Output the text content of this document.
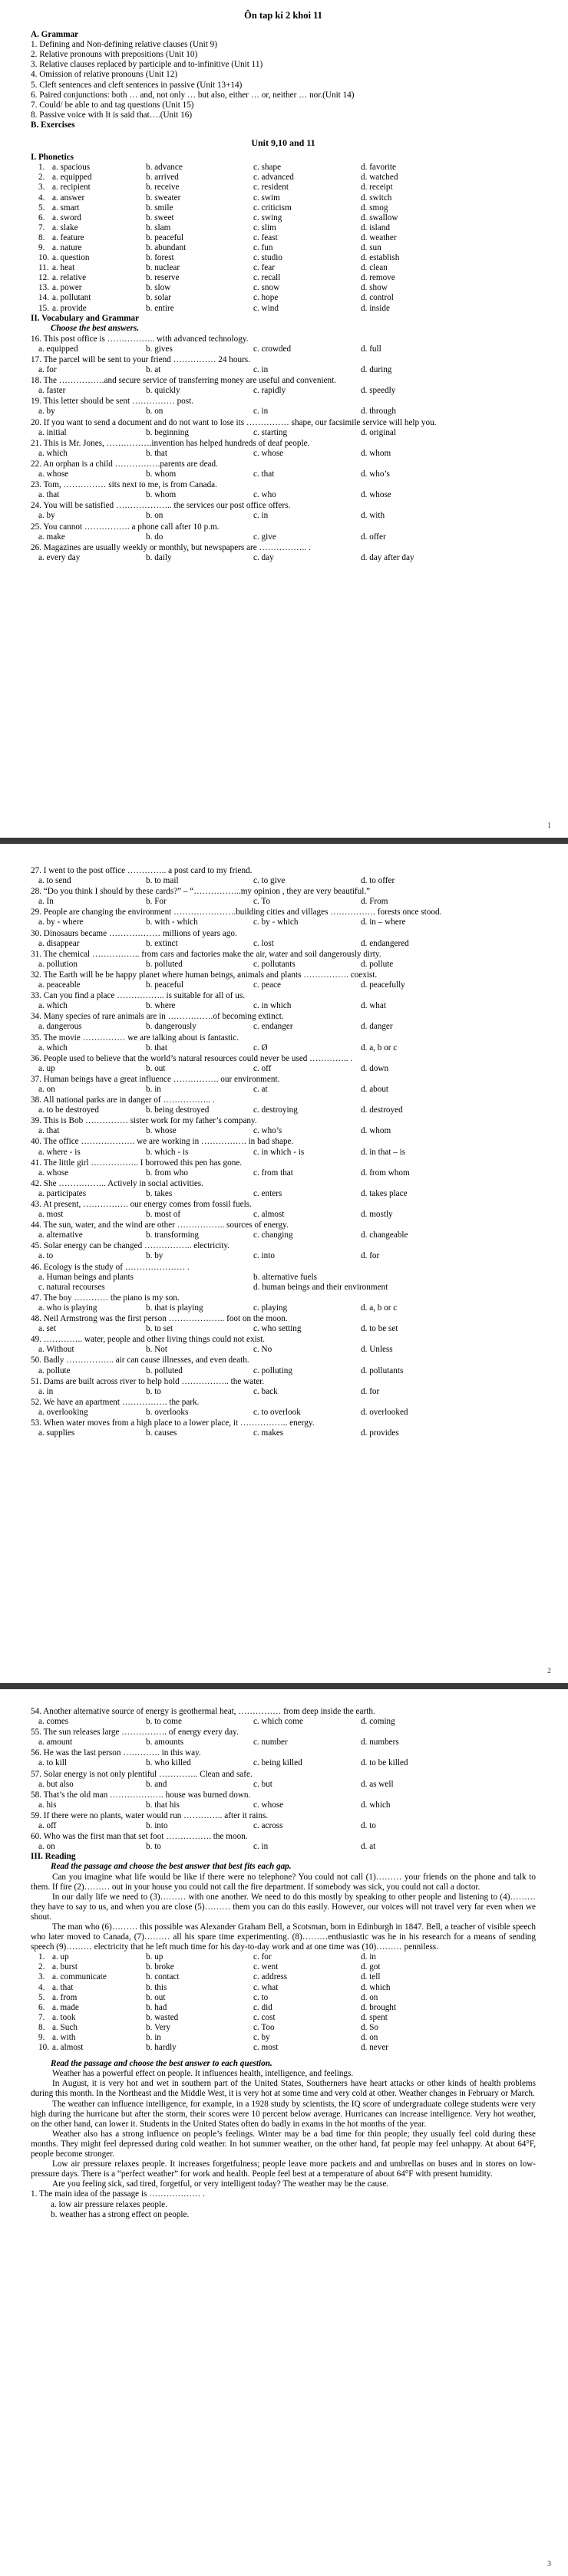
Ôn tap ki 2 khoi 11
A. Grammar
1. Defining and Non-defining relative clauses (Unit 9)
2. Relative pronouns with prepositions (Unit 10)
3. Relative clauses replaced by participle and to-infinitive (Unit 11)
4. Omission of relative pronouns (Unit 12)
5. Cleft sentences and cleft sentences in passive (Unit 13+14)
6. Paired conjunctions: both … and, not only … but also, either … or, neither … nor.(Unit 14)
7. Could/ be able to and tag questions (Unit 15)
8. Passive voice with It is said that….(Unit 16)
B. Exercises
Unit 9,10 and 11
I. Phonetics
1. a. spacious	b. advance	c. shape	d. favorite
2. a. equipped	b. arrived	c. advanced	d. watched
3. a. recipient	b. receive	c. resident	d. receipt
4. a. answer	b. sweater	c. swim	d. switch
5. a. smart	b. smile	c. criticism	d. smog
6. a. sword	b. sweet	c. swing	d. swallow
7. a. slake	b. slam	c. slim	d. island
8. a. feature	b. peaceful	c. feast	d. weather
9. a. nature	b. abundant	c. fun	d. sun
10. a. question	b. forest	c. studio	d. establish
11. a. heat	b. nuclear	c. fear	d. clean
12. a. relative	b. reserve	c. recall	d. remove
13. a. power	b. slow	c. snow	d. show
14. a. pollutant	b. solar	c. hope	d. control
15. a. provide	b. entire	c. wind	d. inside
II. Vocabulary and Grammar
Choose the best answers.
16. This post office is …………….. with advanced technology.
a. equipped	b. gives	c. crowded	d. full
17. The parcel will be sent to your friend …………… 24 hours.
a. for	b. at	c. in	d. during
18. The …………….and secure service of transferring money are useful and convenient.
a. faster	b. quickly	c. rapidly	d. speedly
19. This letter should be sent …………… post.
a. by	b. on	c. in	d. through
20. If you want to send a document and do not want to lose its …………… shape, our facsimile service will help you.
a. initial	b. beginning	c. starting	d. original
21. This is Mr. Jones, …………….invention has helped hundreds of deaf people.
a. which	b. that	c. whose	d. whom
22. An orphan is a child …………….parents are dead.
a. whose	b. whom	c. that	d. who’s
23. Tom, …………… sits next to me, is from Canada.
a. that	b. whom	c. who	d. whose
24. You will be satisfied ……………….. the services our post office offers.
a. by	b. on	c. in	d. with
25. You cannot ……………. a phone call after 10 p.m.
a. make	b. do	c. give	d. offer
26. Magazines are usually weekly or monthly, but newspapers are …………….. .
a. every day	b. daily	c. day	d. day after day
1
27. I went to the post office ………….. a post card to my friend.
a. to send	b. to mail	c. to give	d. to offer
28. “Do you think I should by these cards?” – “……………..my opinion , they are very beautiful.”
a. In	b. For	c. To	d. From
29. People are changing the environment ………………….building cities and villages ……………. forests once stood.
a. by - where	b. with - which	c. by - which	d. in – where
30. Dinosaurs became ……………… millions of years ago.
a. disappear	b. extinct	c. lost	d. endangered
31. The chemical …………….. from cars and factories make the air, water and soil dangerously dirty.
a. pollution	b. polluted	c. pollutants	d. pollute
32. The Earth will be be happy planet where human beings, animals and plants ……………. coexist.
a. peaceable	b. peaceful	c. peace	d. peacefully
33. Can you find a place …………….. is suitable for all of us.
a. which	b. where	c. in which	d. what
34. Many species of rare animals are in …………….of becoming extinct.
a. dangerous	b. dangerously	c. endanger	d. danger
35. The movie …………… we are talking about is fantastic.
a. which	b. that	c. Ø	d. a, b or c
36. People used to believe that the world’s natural resources could never be used ………….. .
a. up	b. out	c. off	d. down
37. Human beings have a great influence ……………. our environment.
a. on	b. in	c. at	d. about
38. All national parks are in danger of …………….. .
a. to be destroyed	b. being destroyed	c. destroying	d. destroyed
39. This is Bob …………… sister work for my father’s company.
a. that	b. whose	c. who’s	d. whom
40. The office ………………. we are working in ……………. in bad shape.
a. where - is	b. which - is	c. in which - is	d. in that – is
41. The little girl …………….. I borrowed this pen has gone.
a. whose	b. from who	c. from that	d. from whom
42. She …………….. Actively in social activities.
a. participates	b. takes	c. enters	d. takes place
43. At present, ……………. our energy comes from fossil fuels.
a. most	b. most of	c. almost	d. mostly
44. The sun, water, and the wind are other …………….. sources of energy.
a. alternative	b. transforming	c. changing	d. changeable
45. Solar energy can be changed …………….. electricity.
a. to	b. by	c. into	d. for
46. Ecology is the study of ………………… .
a. Human beings and plants	b. alternative fuels
c. natural recourses	d. human beings and their environment
47. The boy ………… the piano is my son.
a. who is playing	b. that is playing	c. playing	d. a, b or c
48. Neil Armstrong was the first person ……………….. foot on the moon.
a. set	b. to set	c. who setting	d. to be set
49. ………….. water, people and other living things could not exist.
a. Without	b. Not	c. No	d. Unless
50. Badly …………….. air can cause illnesses, and even death.
a. pollute	b. polluted	c. polluting	d. pollutants
51. Dams are built across river to help hold …………….. the water.
a. in	b. to	c. back	d. for
52. We have an apartment ……………. the park.
a. overlooking	b. overlooks	c. to overlook	d. overlooked
53. When water moves from a high place to a lower place, it …………….. energy.
a. supplies	b. causes	c. makes	d. provides
2
54. Another alternative source of energy is geothermal heat, …………… from deep inside the earth.
a. comes	b. to come	c. which come	d. coming
55. The sun releases large ……………. of energy every day.
a. amount	b. amounts	c. number	d. numbers
56. He was the last person …………. in this way.
a. to kill	b. who killed	c. being killed	d. to be killed
57. Solar energy is not only plentiful ………….. Clean and safe.
a. but also	b. and	c. but	d. as well
58. That’s the old man ………………. house was burned down.
a. his	b. that his	c. whose	d. which
59. If there were no plants, water would run ………….. after it rains.
a. off	b. into	c. across	d. to
60. Who was the first man that set foot ……………. the moon.
a. on	b. to	c. in	d. at
III. Reading
Read the passage and choose the best answer that best fits each gap.

Can you imagine what life would be like if there were no telephone? You could not call (1)……… your friends on the phone and talk to them. If fire (2)……… out in your house you could not call the fire department. If somebody was sick, you could not call a doctor.

In our daily life we need to (3)……… with one another. We need to do this mostly by speaking to other people and listening to (4)……… they have to say to us, and when you are close (5)……… them you can do this easily. However, our voices will not travel very far even when we shout.

The man who (6)……… this possible was Alexander Graham Bell, a Scotsman, born in Edinburgh in 1847. Bell, a teacher of visible speech who later moved to Canada, (7)……… all his spare time experimenting. (8)………enthusiastic was he in his research for a means of sending speech (9)……… electricity that he left much time for his day-to-day work and at one time was (10)……… penniless.

1. a. up	b. up	c. for	d. in
2. a. burst	b. broke	c. went	d. got
3. a. communicate	b. contact	c. address	d. tell
4. a. that	b. this	c. what	d. which
5. a. from	b. out	c. to	d. on
6. a. made	b. had	c. did	d. brought
7. a. took	b. wasted	c. cost	d. spent
8. a. Such	b. Very	c. Too	d. So
9. a. with	b. in	c. by	d. on
10. a. almost	b. hardly	c. most	d. never
Read the passage and choose the best answer to each question.

Weather has a powerful effect on people. It influences health, intelligence, and feelings.

In August, it is very hot and wet in southern part of the United States, Southerners have heart attacks or other kinds of health problems during this month. In the Northeast and the Middle West, it is very hot at some time and very cold at other. Weather changes in February or March.

The weather can influence intelligence, for example, in a 1928 study by scientists, the IQ score of undergraduate college students were very high during the hurricane but after the storm, their scores were 10 percent below average. Hurricanes can increase intelligence. Very hot weather, on the other hand, can lower it. Students in the United States often do badly in exams in the hot months of the year.

Weather also has a strong influence on people’s feelings. Winter may be a bad time for thin people; they usually feel cold during these months. They might feel depressed during cold weather. In hot summer weather, on the other hand, fat people may feel unhappy. At about 64°F, people become stronger.

Low air pressure relaxes people. It increases forgetfulness; people leave more packets and and umbrellas on buses and in stores on low-pressure days. There is a “perfect weather” for work and health. People feel best at a temperature of about 64°F with present humidity.

Are you feeling sick, sad tired, forgetful, or very intelligent today? The weather may be the cause.

1. The main idea of the passage is ……………… .
a. low air pressure relaxes people.
b. weather has a strong effect on people.
3
